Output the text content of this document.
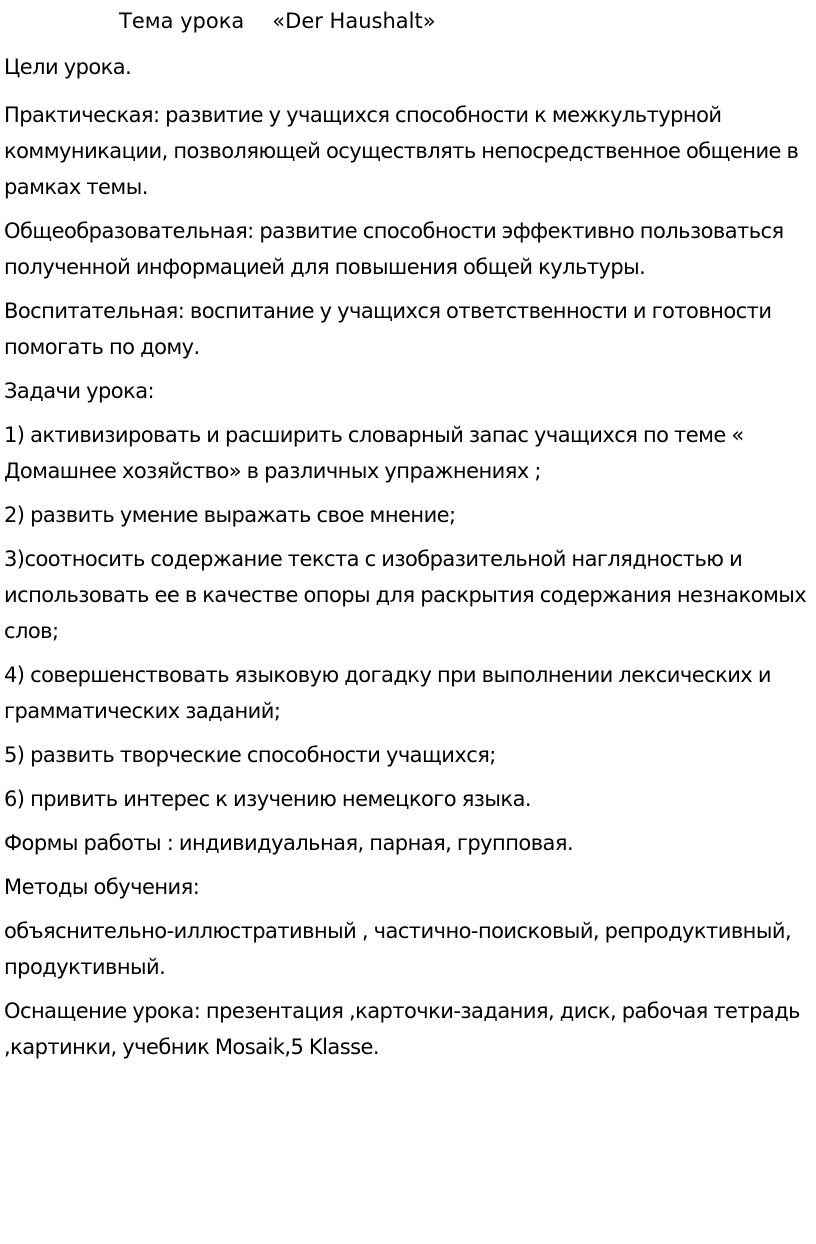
Тема урока «Der Haushalt»

Цели урока.

Практическая: развитие у учащихся способности к межкультурной коммуникации, позволяющей осуществлять непосредственное общение в рамках темы.

Общеобразовательная: развитие способности эффективно пользоваться полученной информацией для повышения общей культуры.

Воспитательная: воспитание у учащихся ответственности и готовности помогать по дому.

Задачи урока:

1) активизировать и расширить словарный запас учащихся по теме « Домашнее хозяйство» в различных упражнениях ;

2) развить умение выражать свое мнение;

3)соотносить содержание текста с изобразительной наглядностью и использовать ее в качестве опоры для раскрытия содержания незнакомых слов;

4) совершенствовать языковую догадку при выполнении лексических и грамматических заданий;

5) развить творческие способности учащихся;

6) привить интерес к изучению немецкого языка.

Формы работы : индивидуальная, парная, групповая.

Методы обучения:

объяснительно-иллюстративный , частично-поисковый, репродуктивный, продуктивный.

Оснащение урока: презентация ,карточки-задания, диск, рабочая тетрадь ,картинки, учебник Mosaik,5 Klasse.
